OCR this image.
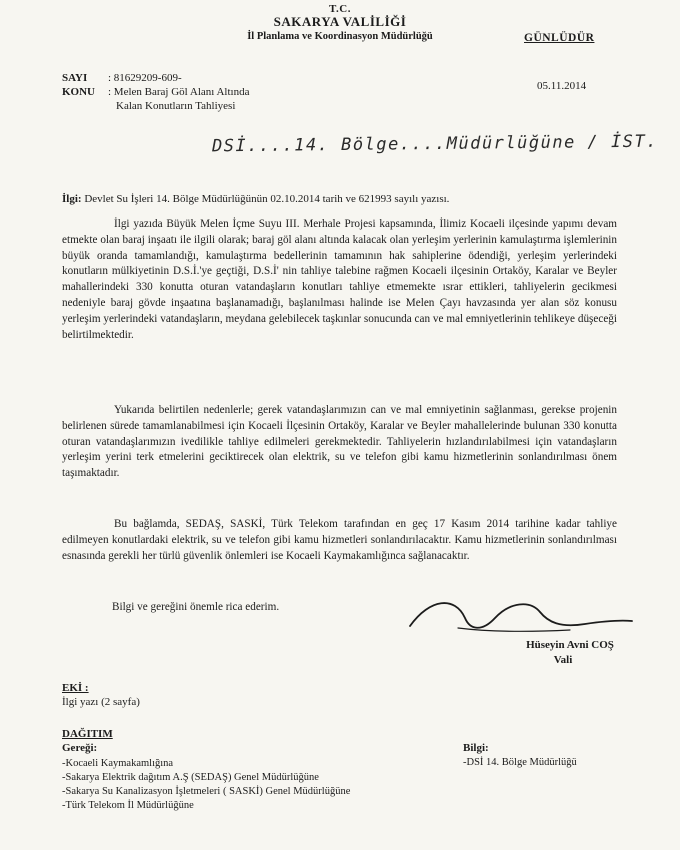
T.C.
SAKARYA VALİLİĞİ
İl Planlama ve Koordinasyon Müdürlüğü	GÜNLÜDÜR
SAYI : 81629209-609-
KONU : Melen Baraj Göl Alanı Altında
Kalan Konutların Tahliyesi
05.11.2014
DSİ....14. Bölge....Müdürlüğüne / İST.
İlgi: Devlet Su İşleri 14. Bölge Müdürlüğünün 02.10.2014 tarih ve 621993 sayılı yazısı.
İlgi yazıda Büyük Melen İçme Suyu III. Merhale Projesi kapsamında, İlimiz Kocaeli ilçesinde yapımı devam etmekte olan baraj inşaatı ile ilgili olarak; baraj göl alanı altında kalacak olan yerleşim yerlerinin kamulaştırma işlemlerinin büyük oranda tamamlandığı, kamulaştırma bedellerinin tamamının hak sahiplerine ödendiği, yerleşim yerlerindeki konutların mülkiyetinin D.S.İ.'ye geçtiği, D.S.İ' nin tahliye talebine rağmen Kocaeli ilçesinin Ortaköy, Karalar ve Beyler mahallerindeki 330 konutta oturan vatandaşların konutları tahliye etmemekte ısrar ettikleri, tahliyelerin gecikmesi nedeniyle baraj gövde inşaatına başlanamadığı, başlanılması halinde ise Melen Çayı havzasında yer alan söz konusu yerleşim yerlerindeki vatandaşların, meydana gelebilecek taşkınlar sonucunda can ve mal emniyetlerinin tehlikeye düşeceği belirtilmektedir.
Yukarıda belirtilen nedenlerle; gerek vatandaşlarımızın can ve mal emniyetinin sağlanması, gerekse projenin belirlenen sürede tamamlanabilmesi için Kocaeli İlçesinin Ortaköy, Karalar ve Beyler mahallelerinde bulunan 330 konutta oturan vatandaşlarımızın ivedilikle tahliye edilmeleri gerekmektedir. Tahliyelerin hızlandırılabilmesi için vatandaşların yerleşim yerini terk etmelerini geciktirecek olan elektrik, su ve telefon gibi kamu hizmetlerinin sonlandırılması önem taşımaktadır.
Bu bağlamda, SEDAŞ, SASKİ, Türk Telekom tarafından en geç 17 Kasım 2014 tarihine kadar tahliye edilmeyen konutlardaki elektrik, su ve telefon gibi kamu hizmetleri sonlandırılacaktır. Kamu hizmetlerinin sonlandırılması esnasında gerekli her türlü güvenlik önlemleri ise Kocaeli Kaymakamlığınca sağlanacaktır.
Bilgi ve gereğini önemle rica ederim.
Hüseyin Avni COŞ
Vali
EKİ :
İlgi yazı (2 sayfa)
DAĞITIM
Gereği:
-Kocaeli Kaymakamlığına
-Sakarya Elektrik dağıtım A.Ş (SEDAŞ) Genel Müdürlüğüne
-Sakarya Su Kanalizasyon İşletmeleri ( SASKİ) Genel Müdürlüğüne
-Türk Telekom İl Müdürlüğüne
Bilgi:
-DSİ 14. Bölge Müdürlüğü
